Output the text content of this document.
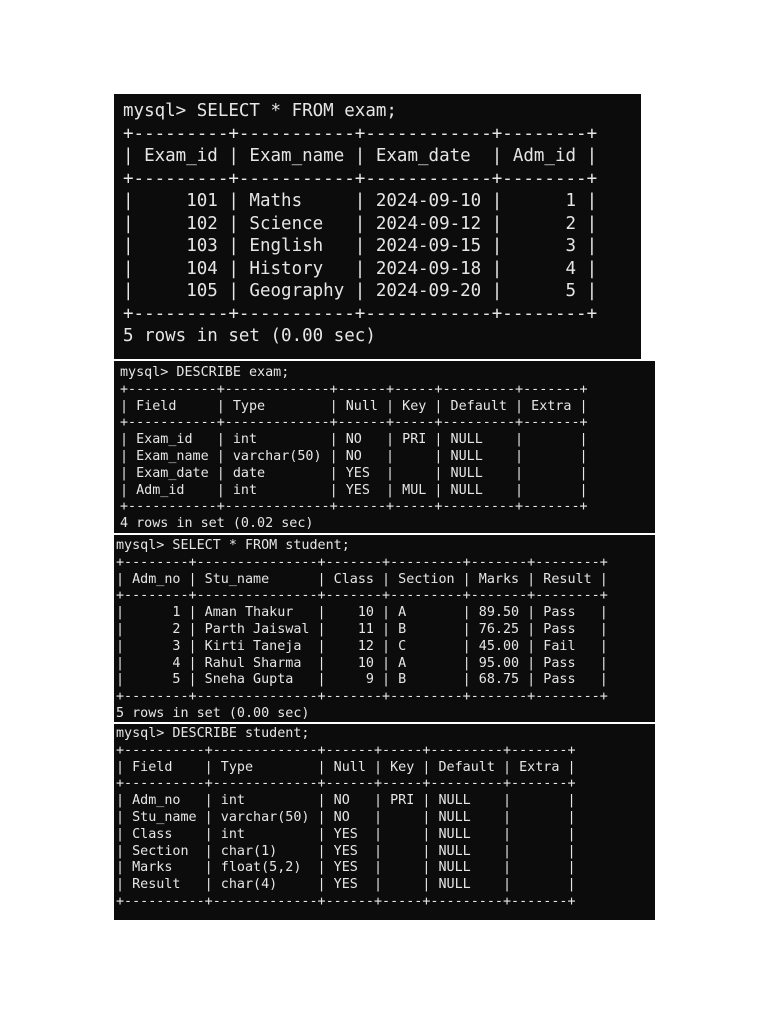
mysql> SELECT * FROM exam;
+---------+-----------+------------+--------+
| Exam_id | Exam_name | Exam_date  | Adm_id |
+---------+-----------+------------+--------+
|     101 | Maths     | 2024-09-10 |      1 |
|     102 | Science   | 2024-09-12 |      2 |
|     103 | English   | 2024-09-15 |      3 |
|     104 | History   | 2024-09-18 |      4 |
|     105 | Geography | 2024-09-20 |      5 |
+---------+-----------+------------+--------+
5 rows in set (0.00 sec)
mysql> DESCRIBE exam;
+-----------+-------------+------+-----+---------+-------+
| Field     | Type        | Null | Key | Default | Extra |
+-----------+-------------+------+-----+---------+-------+
| Exam_id   | int         | NO   | PRI | NULL    |       |
| Exam_name | varchar(50) | NO   |     | NULL    |       |
| Exam_date | date        | YES  |     | NULL    |       |
| Adm_id    | int         | YES  | MUL | NULL    |       |
+-----------+-------------+------+-----+---------+-------+
4 rows in set (0.02 sec)
mysql> SELECT * FROM student;
+--------+---------------+-------+---------+-------+--------+
| Adm_no | Stu_name      | Class | Section | Marks | Result |
+--------+---------------+-------+---------+-------+--------+
|      1 | Aman Thakur   |    10 | A       | 89.50 | Pass   |
|      2 | Parth Jaiswal |    11 | B       | 76.25 | Pass   |
|      3 | Kirti Taneja  |    12 | C       | 45.00 | Fail   |
|      4 | Rahul Sharma  |    10 | A       | 95.00 | Pass   |
|      5 | Sneha Gupta   |     9 | B       | 68.75 | Pass   |
+--------+---------------+-------+---------+-------+--------+
5 rows in set (0.00 sec)
mysql> DESCRIBE student;
+----------+-------------+------+-----+---------+-------+
| Field    | Type        | Null | Key | Default | Extra |
+----------+-------------+------+-----+---------+-------+
| Adm_no   | int         | NO   | PRI | NULL    |       |
| Stu_name | varchar(50) | NO   |     | NULL    |       |
| Class    | int         | YES  |     | NULL    |       |
| Section  | char(1)     | YES  |     | NULL    |       |
| Marks    | float(5,2)  | YES  |     | NULL    |       |
| Result   | char(4)     | YES  |     | NULL    |       |
+----------+-------------+------+-----+---------+-------+
